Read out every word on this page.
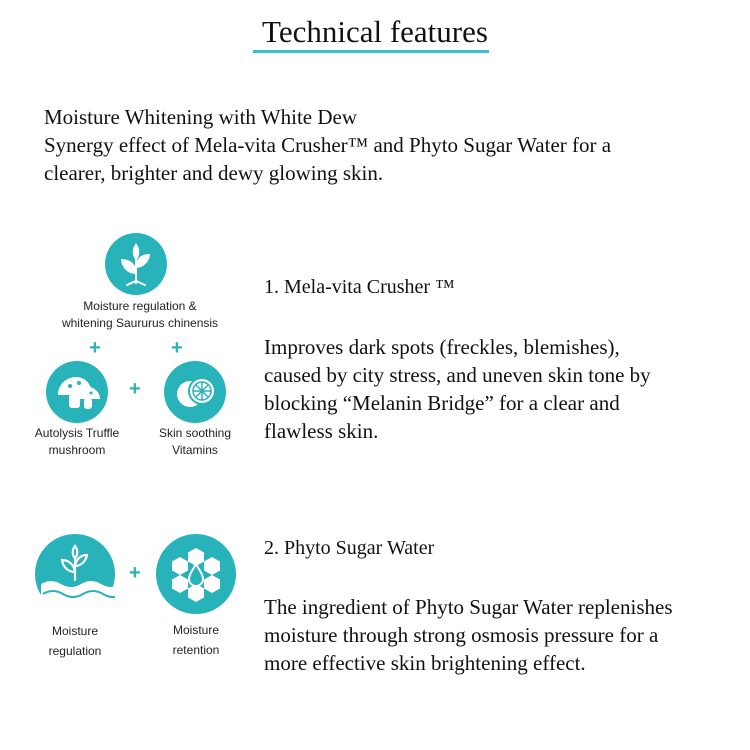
Technical features
Moisture Whitening with White Dew
Synergy effect of Mela-vita Crusher™ and Phyto Sugar Water for a
clearer, brighter and dewy glowing skin.
Moisture regulation &
whitening Saururus chinensis
+	+
+
Autolysis Truffle
mushroom
Skin soothing
Vitamins
1. Mela-vita Crusher ™
Improves dark spots (freckles, blemishes),
caused by city stress, and uneven skin tone by
blocking “Melanin Bridge” for a clear and
flawless skin.
+
Moisture
regulation
Moisture
retention
2. Phyto Sugar Water
The ingredient of Phyto Sugar Water replenishes
moisture through strong osmosis pressure for a
more effective skin brightening effect.
